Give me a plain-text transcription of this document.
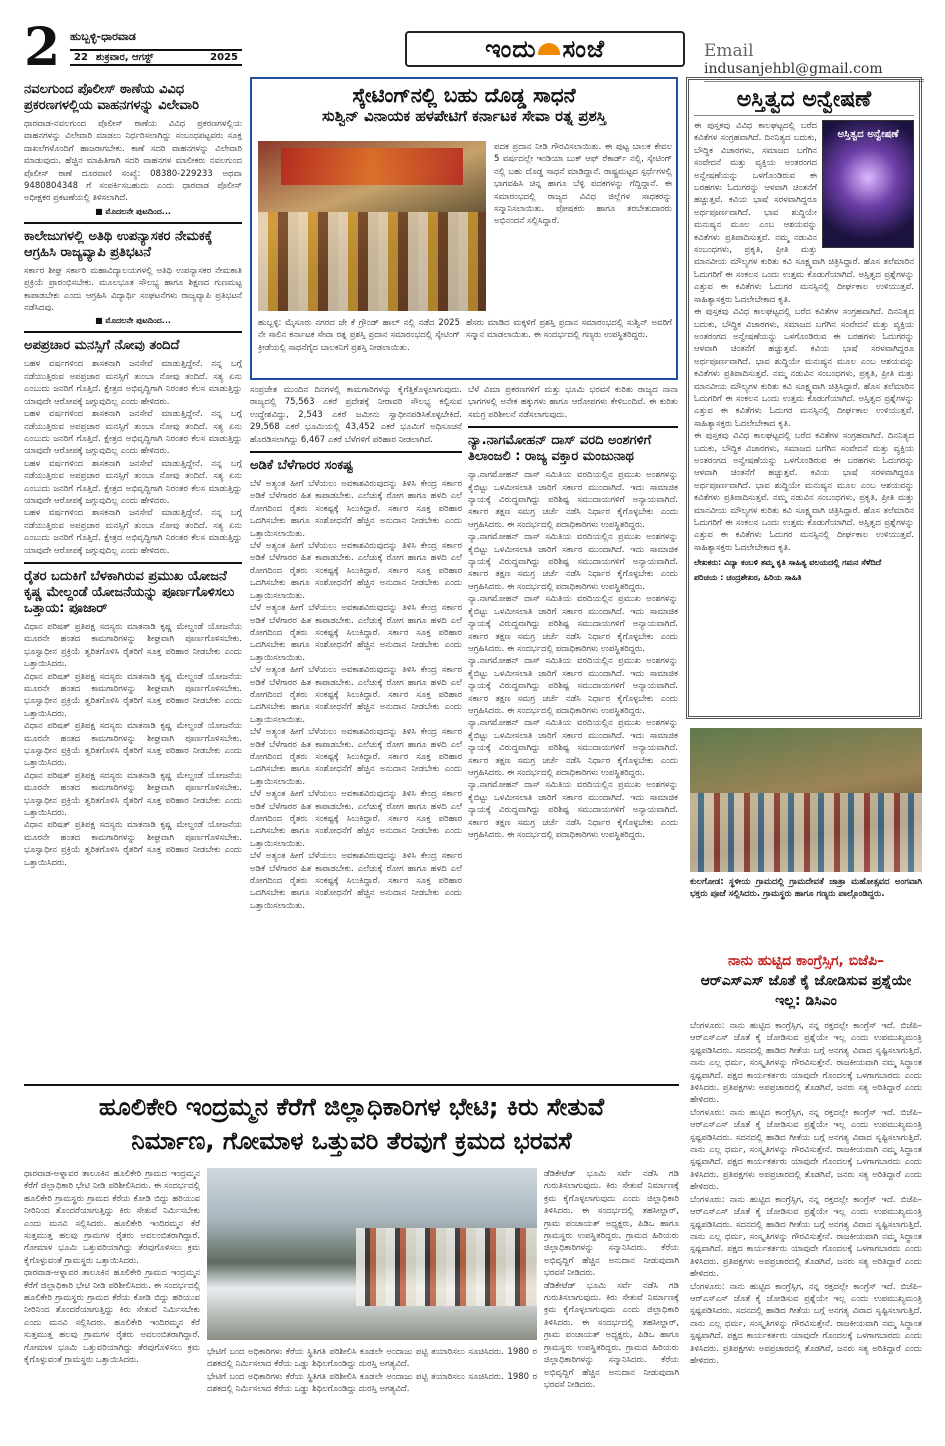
2 ಹುಬ್ಬಳ್ಳಿ-ಧಾರವಾಡ
22 ಶುಕ್ರವಾರ, ಆಗಸ್ಟ್	2025	ಇಂದು ಸಂಜೆ	Email indusanjehbl@gmail.com
ನವಲಗುಂದ ಪೊಲೀಸ್ ಠಾಣೆಯ ವಿವಿಧ ಪ್ರಕರಣಗಳಲ್ಲಿಯ ವಾಹನಗಳನ್ನು ವಿಲೇವಾರಿ
ಧಾರವಾಡ-ನವಲಗುಂದ ಪೊಲೀಸ್ ಠಾಣೆಯ ವಿವಿಧ ಪ್ರಕರಣಗಳಲ್ಲಿಯ ವಾಹನಗಳನ್ನು ವಿಲೇವಾರಿ ಮಾಡಲು ನಿರ್ಧರಿಸಲಾಗಿದ್ದು ಸಂಬಂಧಪಟ್ಟವರು ಸೂಕ್ತ ದಾಖಲೆಗಳೊಂದಿಗೆ ಹಾಜರಾಗಬೇಕು. ಕಾಣೆ ಸದರಿ ವಾಹನಗಳನ್ನು ವಿಲೇವಾರಿ ಮಾಡುವುದು. ಹೆಚ್ಚಿನ ಮಾಹಿತಿಗಾಗಿ ಸದರಿ ವಾಹನಗಳ ಮಾಲೀಕರು ನವಲಗುಂದ ಪೊಲೀಸ್ ಠಾಣೆ ದೂರವಾಣಿ ಸಂಖ್ಯೆ: 08380-229233 ಅಥವಾ 9480804348 ಗೆ ಸಂಪರ್ಕಿಸಬಹುದು ಎಂದು ಧಾರವಾಡ ಪೊಲೀಸ್ ಅಧೀಕ್ಷಕರ ಪ್ರಕಟಣೆಯಲ್ಲಿ ತಿಳಿಸಲಾಗಿದೆ.
■ ಮೊದಲನೇ ಪುಟದಿಂದ...
ಕಾಲೇಜುಗಳಲ್ಲಿ ಅತಿಥಿ ಉಪನ್ಯಾಸಕರ ನೇಮಕಕ್ಕೆ ಆಗ್ರಹಿಸಿ ರಾಜ್ಯವ್ಯಾಪಿ ಪ್ರತಿಭಟನೆ
ಸರ್ಕಾರ ಶೀಘ್ರ ಸರ್ಕಾರಿ ಮಹಾವಿದ್ಯಾಲಯಗಳಲ್ಲಿ ಅತಿಥಿ ಉಪನ್ಯಾಸಕರ ನೇಮಕಾತಿ ಪ್ರಕ್ರಿಯೆ ಪ್ರಾರಂಭಿಸಬೇಕು. ಮೂಲಭೂತ ಸೌಲಭ್ಯ ಹಾಗೂ ಶಿಕ್ಷಣದ ಗುಣಮಟ್ಟ ಕಾಪಾಡಬೇಕು ಎಂದು ಆಗ್ರಹಿಸಿ ವಿದ್ಯಾರ್ಥಿ ಸಂಘಟನೆಗಳು ರಾಜ್ಯವ್ಯಾಪಿ ಪ್ರತಿಭಟನೆ ನಡೆಸಿದವು.
■ ಮೊದಲನೇ ಪುಟದಿಂದ...
ಅಪಪ್ರಚಾರ ಮನಸ್ಸಿಗೆ ನೋವು ತಂದಿದೆ
ಬಹಳ ವರ್ಷಗಳಿಂದ ಶಾಸಕನಾಗಿ ಜನಸೇವೆ ಮಾಡುತ್ತಿದ್ದೇನೆ. ನನ್ನ ಬಗ್ಗೆ ನಡೆಯುತ್ತಿರುವ ಅಪಪ್ರಚಾರ ಮನಸ್ಸಿಗೆ ತುಂಬಾ ನೋವು ತಂದಿದೆ. ಸತ್ಯ ಏನು ಎಂಬುದು ಜನರಿಗೆ ಗೊತ್ತಿದೆ. ಕ್ಷೇತ್ರದ ಅಭಿವೃದ್ಧಿಗಾಗಿ ನಿರಂತರ ಕೆಲಸ ಮಾಡುತ್ತಿದ್ದು ಯಾವುದೇ ಆರೋಪಕ್ಕೆ ಜಗ್ಗುವುದಿಲ್ಲ ಎಂದು ಹೇಳಿದರು.
ಬಹಳ ವರ್ಷಗಳಿಂದ ಶಾಸಕನಾಗಿ ಜನಸೇವೆ ಮಾಡುತ್ತಿದ್ದೇನೆ. ನನ್ನ ಬಗ್ಗೆ ನಡೆಯುತ್ತಿರುವ ಅಪಪ್ರಚಾರ ಮನಸ್ಸಿಗೆ ತುಂಬಾ ನೋವು ತಂದಿದೆ. ಸತ್ಯ ಏನು ಎಂಬುದು ಜನರಿಗೆ ಗೊತ್ತಿದೆ. ಕ್ಷೇತ್ರದ ಅಭಿವೃದ್ಧಿಗಾಗಿ ನಿರಂತರ ಕೆಲಸ ಮಾಡುತ್ತಿದ್ದು ಯಾವುದೇ ಆರೋಪಕ್ಕೆ ಜಗ್ಗುವುದಿಲ್ಲ ಎಂದು ಹೇಳಿದರು.
ಬಹಳ ವರ್ಷಗಳಿಂದ ಶಾಸಕನಾಗಿ ಜನಸೇವೆ ಮಾಡುತ್ತಿದ್ದೇನೆ. ನನ್ನ ಬಗ್ಗೆ ನಡೆಯುತ್ತಿರುವ ಅಪಪ್ರಚಾರ ಮನಸ್ಸಿಗೆ ತುಂಬಾ ನೋವು ತಂದಿದೆ. ಸತ್ಯ ಏನು ಎಂಬುದು ಜನರಿಗೆ ಗೊತ್ತಿದೆ. ಕ್ಷೇತ್ರದ ಅಭಿವೃದ್ಧಿಗಾಗಿ ನಿರಂತರ ಕೆಲಸ ಮಾಡುತ್ತಿದ್ದು ಯಾವುದೇ ಆರೋಪಕ್ಕೆ ಜಗ್ಗುವುದಿಲ್ಲ ಎಂದು ಹೇಳಿದರು.
ಬಹಳ ವರ್ಷಗಳಿಂದ ಶಾಸಕನಾಗಿ ಜನಸೇವೆ ಮಾಡುತ್ತಿದ್ದೇನೆ. ನನ್ನ ಬಗ್ಗೆ ನಡೆಯುತ್ತಿರುವ ಅಪಪ್ರಚಾರ ಮನಸ್ಸಿಗೆ ತುಂಬಾ ನೋವು ತಂದಿದೆ. ಸತ್ಯ ಏನು ಎಂಬುದು ಜನರಿಗೆ ಗೊತ್ತಿದೆ. ಕ್ಷೇತ್ರದ ಅಭಿವೃದ್ಧಿಗಾಗಿ ನಿರಂತರ ಕೆಲಸ ಮಾಡುತ್ತಿದ್ದು ಯಾವುದೇ ಆರೋಪಕ್ಕೆ ಜಗ್ಗುವುದಿಲ್ಲ ಎಂದು ಹೇಳಿದರು.
ರೈತರ ಬದುಕಿಗೆ ಬೆಳಕಾಗಿರುವ ಪ್ರಮುಖ ಯೋಜನೆ ಕೃಷ್ಣ ಮೇಲ್ದಂಡೆ ಯೋಜನೆಯನ್ನು ಪೂರ್ಣಗೊಳಿಸಲು ಒತ್ತಾಯ: ಪೂಜಾರ್
ವಿಧಾನ ಪರಿಷತ್ ಪ್ರತಿಪಕ್ಷ ಸದಸ್ಯರು ಮಾತನಾಡಿ ಕೃಷ್ಣ ಮೇಲ್ದಂಡೆ ಯೋಜನೆಯ ಮೂರನೇ ಹಂತದ ಕಾಮಗಾರಿಗಳನ್ನು ಶೀಘ್ರವಾಗಿ ಪೂರ್ಣಗೊಳಿಸಬೇಕು. ಭೂಸ್ವಾಧೀನ ಪ್ರಕ್ರಿಯೆ ತ್ವರಿತಗೊಳಿಸಿ ರೈತರಿಗೆ ಸೂಕ್ತ ಪರಿಹಾರ ನೀಡಬೇಕು ಎಂದು ಒತ್ತಾಯಿಸಿದರು.
ವಿಧಾನ ಪರಿಷತ್ ಪ್ರತಿಪಕ್ಷ ಸದಸ್ಯರು ಮಾತನಾಡಿ ಕೃಷ್ಣ ಮೇಲ್ದಂಡೆ ಯೋಜನೆಯ ಮೂರನೇ ಹಂತದ ಕಾಮಗಾರಿಗಳನ್ನು ಶೀಘ್ರವಾಗಿ ಪೂರ್ಣಗೊಳಿಸಬೇಕು. ಭೂಸ್ವಾಧೀನ ಪ್ರಕ್ರಿಯೆ ತ್ವರಿತಗೊಳಿಸಿ ರೈತರಿಗೆ ಸೂಕ್ತ ಪರಿಹಾರ ನೀಡಬೇಕು ಎಂದು ಒತ್ತಾಯಿಸಿದರು.
ವಿಧಾನ ಪರಿಷತ್ ಪ್ರತಿಪಕ್ಷ ಸದಸ್ಯರು ಮಾತನಾಡಿ ಕೃಷ್ಣ ಮೇಲ್ದಂಡೆ ಯೋಜನೆಯ ಮೂರನೇ ಹಂತದ ಕಾಮಗಾರಿಗಳನ್ನು ಶೀಘ್ರವಾಗಿ ಪೂರ್ಣಗೊಳಿಸಬೇಕು. ಭೂಸ್ವಾಧೀನ ಪ್ರಕ್ರಿಯೆ ತ್ವರಿತಗೊಳಿಸಿ ರೈತರಿಗೆ ಸೂಕ್ತ ಪರಿಹಾರ ನೀಡಬೇಕು ಎಂದು ಒತ್ತಾಯಿಸಿದರು.
ವಿಧಾನ ಪರಿಷತ್ ಪ್ರತಿಪಕ್ಷ ಸದಸ್ಯರು ಮಾತನಾಡಿ ಕೃಷ್ಣ ಮೇಲ್ದಂಡೆ ಯೋಜನೆಯ ಮೂರನೇ ಹಂತದ ಕಾಮಗಾರಿಗಳನ್ನು ಶೀಘ್ರವಾಗಿ ಪೂರ್ಣಗೊಳಿಸಬೇಕು. ಭೂಸ್ವಾಧೀನ ಪ್ರಕ್ರಿಯೆ ತ್ವರಿತಗೊಳಿಸಿ ರೈತರಿಗೆ ಸೂಕ್ತ ಪರಿಹಾರ ನೀಡಬೇಕು ಎಂದು ಒತ್ತಾಯಿಸಿದರು.
ವಿಧಾನ ಪರಿಷತ್ ಪ್ರತಿಪಕ್ಷ ಸದಸ್ಯರು ಮಾತನಾಡಿ ಕೃಷ್ಣ ಮೇಲ್ದಂಡೆ ಯೋಜನೆಯ ಮೂರನೇ ಹಂತದ ಕಾಮಗಾರಿಗಳನ್ನು ಶೀಘ್ರವಾಗಿ ಪೂರ್ಣಗೊಳಿಸಬೇಕು. ಭೂಸ್ವಾಧೀನ ಪ್ರಕ್ರಿಯೆ ತ್ವರಿತಗೊಳಿಸಿ ರೈತರಿಗೆ ಸೂಕ್ತ ಪರಿಹಾರ ನೀಡಬೇಕು ಎಂದು ಒತ್ತಾಯಿಸಿದರು.
ಸ್ಕೇಟಿಂಗ್‌ನಲ್ಲಿ ಬಹು ದೊಡ್ಡ ಸಾಧನೆ
ಸುಶ್ವಿನ್ ವಿನಾಯಕ ಹಳಪೇಟಿಗೆ ಕರ್ನಾಟಕ ಸೇವಾ ರತ್ನ ಪ್ರಶಸ್ತಿ
ಪದಕ ಪ್ರದಾನ ನೀಡಿ ಗೌರವಿಸಲಾಯಿತು. ಈ ಪುಟ್ಟ ಬಾಲಕ ಕೇವಲ 5 ವರ್ಷದಲ್ಲೇ ಇಂಡಿಯಾ ಬುಕ್ ಆಫ್ ರೆಕಾರ್ಡ್ ನಲ್ಲಿ, ಸ್ಕೇಟಿಂಗ್ ನಲ್ಲಿ ಬಹು ದೊಡ್ಡ ಸಾಧನೆ ಮಾಡಿದ್ದಾನೆ. ರಾಷ್ಟ್ರಮಟ್ಟದ ಸ್ಪರ್ಧೆಗಳಲ್ಲಿ ಭಾಗವಹಿಸಿ ಚಿನ್ನ ಹಾಗೂ ಬೆಳ್ಳಿ ಪದಕಗಳನ್ನು ಗೆದ್ದಿದ್ದಾನೆ. ಈ ಸಮಾರಂಭದಲ್ಲಿ ರಾಜ್ಯದ ವಿವಿಧ ಜಿಲ್ಲೆಗಳ ಸಾಧಕರನ್ನು ಸನ್ಮಾನಿಸಲಾಯಿತು. ಪೋಷಕರು ಹಾಗೂ ತರಬೇತುದಾರರು ಅಭಿನಂದನೆ ಸಲ್ಲಿಸಿದ್ದಾರೆ.
ಹುಬ್ಬಳ್ಳಿ: ಮೈಸೂರು ನಗರದ ಜೇ ಕೆ ಗ್ರೌಂಡ್ ಹಾಲ್ ನಲ್ಲಿ ನಡೆದ 2025 ನೇ ಸಾಲಿನ ಕರ್ನಾಟಕ ಸೇವಾ ರತ್ನ ಪ್ರಶಸ್ತಿ ಪ್ರದಾನ ಸಮಾರಂಭದಲ್ಲಿ ಸ್ಕೇಟಿಂಗ್ ಕ್ರೀಡೆಯಲ್ಲಿ ಸಾಧನೆಗೈದ ಬಾಲಕನಿಗೆ ಪ್ರಶಸ್ತಿ ನೀಡಲಾಯಿತು.
ಹೆಸರು ಮಾಡಿದ ಮಕ್ಕಳಿಗೆ ಪ್ರಶಸ್ತಿ ಪ್ರದಾನ ಸಮಾರಂಭದಲ್ಲಿ ಸುಶ್ವಿನ್ ಅವರಿಗೆ ಸನ್ಮಾನ ಮಾಡಲಾಯಿತು. ಈ ಸಂದರ್ಭದಲ್ಲಿ ಗಣ್ಯರು ಉಪಸ್ಥಿತರಿದ್ದರು.
ಸಂಪ್ರಜೇತ ಮುಂದಿನ ದಿನಗಳಲ್ಲಿ ಕಾಮಗಾರಿಗಳನ್ನು ಕೈಗೆತ್ತಿಕೊಳ್ಳಲಾಗುವುದು. ರಾಜ್ಯದಲ್ಲಿ 75,563 ಎಕರೆ ಪ್ರದೇಶಕ್ಕೆ ನೀರಾವರಿ ಸೌಲಭ್ಯ ಕಲ್ಪಿಸುವ ಉದ್ದೇಶವಿದ್ದು, 2,543 ಎಕರೆ ಜಮೀನು ಸ್ವಾಧೀನಪಡಿಸಿಕೊಳ್ಳಬೇಕಿದೆ. 29,568 ಎಕರೆ ಭೂಮಿಯಲ್ಲಿ 43,452 ಎಕರೆ ಭೂಮಿಗೆ ಅಧಿಸೂಚನೆ ಹೊರಡಿಸಲಾಗಿದ್ದು 6,467 ಎಕರೆ ಬೆಳೆಗಳಿಗೆ ಪರಿಹಾರ ನೀಡಲಾಗಿದೆ.
ಅಡಿಕೆ ಬೆಳೆಗಾರರ ಸಂಕಷ್ಟ
ಬೆಳೆ ಅತ್ಯಂತ ಹೀಗೆ ಬೆಳೆಯಲು ಅವಕಾಶವಿರುವುದನ್ನು ತಿಳಿಸಿ ಕೇಂದ್ರ ಸರ್ಕಾರ ಅಡಿಕೆ ಬೆಳೆಗಾರರ ಹಿತ ಕಾಪಾಡಬೇಕು. ಎಲೆಚುಕ್ಕೆ ರೋಗ ಹಾಗೂ ಹಳದಿ ಎಲೆ ರೋಗದಿಂದ ರೈತರು ಸಂಕಷ್ಟಕ್ಕೆ ಸಿಲುಕಿದ್ದಾರೆ. ಸರ್ಕಾರ ಸೂಕ್ತ ಪರಿಹಾರ ಒದಗಿಸಬೇಕು ಹಾಗೂ ಸಂಶೋಧನೆಗೆ ಹೆಚ್ಚಿನ ಅನುದಾನ ನೀಡಬೇಕು ಎಂದು ಒತ್ತಾಯಿಸಲಾಯಿತು.
ಬೆಳೆ ಅತ್ಯಂತ ಹೀಗೆ ಬೆಳೆಯಲು ಅವಕಾಶವಿರುವುದನ್ನು ತಿಳಿಸಿ ಕೇಂದ್ರ ಸರ್ಕಾರ ಅಡಿಕೆ ಬೆಳೆಗಾರರ ಹಿತ ಕಾಪಾಡಬೇಕು. ಎಲೆಚುಕ್ಕೆ ರೋಗ ಹಾಗೂ ಹಳದಿ ಎಲೆ ರೋಗದಿಂದ ರೈತರು ಸಂಕಷ್ಟಕ್ಕೆ ಸಿಲುಕಿದ್ದಾರೆ. ಸರ್ಕಾರ ಸೂಕ್ತ ಪರಿಹಾರ ಒದಗಿಸಬೇಕು ಹಾಗೂ ಸಂಶೋಧನೆಗೆ ಹೆಚ್ಚಿನ ಅನುದಾನ ನೀಡಬೇಕು ಎಂದು ಒತ್ತಾಯಿಸಲಾಯಿತು.
ಬೆಳೆ ಅತ್ಯಂತ ಹೀಗೆ ಬೆಳೆಯಲು ಅವಕಾಶವಿರುವುದನ್ನು ತಿಳಿಸಿ ಕೇಂದ್ರ ಸರ್ಕಾರ ಅಡಿಕೆ ಬೆಳೆಗಾರರ ಹಿತ ಕಾಪಾಡಬೇಕು. ಎಲೆಚುಕ್ಕೆ ರೋಗ ಹಾಗೂ ಹಳದಿ ಎಲೆ ರೋಗದಿಂದ ರೈತರು ಸಂಕಷ್ಟಕ್ಕೆ ಸಿಲುಕಿದ್ದಾರೆ. ಸರ್ಕಾರ ಸೂಕ್ತ ಪರಿಹಾರ ಒದಗಿಸಬೇಕು ಹಾಗೂ ಸಂಶೋಧನೆಗೆ ಹೆಚ್ಚಿನ ಅನುದಾನ ನೀಡಬೇಕು ಎಂದು ಒತ್ತಾಯಿಸಲಾಯಿತು.
ಬೆಳೆ ಅತ್ಯಂತ ಹೀಗೆ ಬೆಳೆಯಲು ಅವಕಾಶವಿರುವುದನ್ನು ತಿಳಿಸಿ ಕೇಂದ್ರ ಸರ್ಕಾರ ಅಡಿಕೆ ಬೆಳೆಗಾರರ ಹಿತ ಕಾಪಾಡಬೇಕು. ಎಲೆಚುಕ್ಕೆ ರೋಗ ಹಾಗೂ ಹಳದಿ ಎಲೆ ರೋಗದಿಂದ ರೈತರು ಸಂಕಷ್ಟಕ್ಕೆ ಸಿಲುಕಿದ್ದಾರೆ. ಸರ್ಕಾರ ಸೂಕ್ತ ಪರಿಹಾರ ಒದಗಿಸಬೇಕು ಹಾಗೂ ಸಂಶೋಧನೆಗೆ ಹೆಚ್ಚಿನ ಅನುದಾನ ನೀಡಬೇಕು ಎಂದು ಒತ್ತಾಯಿಸಲಾಯಿತು.
ಬೆಳೆ ಅತ್ಯಂತ ಹೀಗೆ ಬೆಳೆಯಲು ಅವಕಾಶವಿರುವುದನ್ನು ತಿಳಿಸಿ ಕೇಂದ್ರ ಸರ್ಕಾರ ಅಡಿಕೆ ಬೆಳೆಗಾರರ ಹಿತ ಕಾಪಾಡಬೇಕು. ಎಲೆಚುಕ್ಕೆ ರೋಗ ಹಾಗೂ ಹಳದಿ ಎಲೆ ರೋಗದಿಂದ ರೈತರು ಸಂಕಷ್ಟಕ್ಕೆ ಸಿಲುಕಿದ್ದಾರೆ. ಸರ್ಕಾರ ಸೂಕ್ತ ಪರಿಹಾರ ಒದಗಿಸಬೇಕು ಹಾಗೂ ಸಂಶೋಧನೆಗೆ ಹೆಚ್ಚಿನ ಅನುದಾನ ನೀಡಬೇಕು ಎಂದು ಒತ್ತಾಯಿಸಲಾಯಿತು.
ಬೆಳೆ ಅತ್ಯಂತ ಹೀಗೆ ಬೆಳೆಯಲು ಅವಕಾಶವಿರುವುದನ್ನು ತಿಳಿಸಿ ಕೇಂದ್ರ ಸರ್ಕಾರ ಅಡಿಕೆ ಬೆಳೆಗಾರರ ಹಿತ ಕಾಪಾಡಬೇಕು. ಎಲೆಚುಕ್ಕೆ ರೋಗ ಹಾಗೂ ಹಳದಿ ಎಲೆ ರೋಗದಿಂದ ರೈತರು ಸಂಕಷ್ಟಕ್ಕೆ ಸಿಲುಕಿದ್ದಾರೆ. ಸರ್ಕಾರ ಸೂಕ್ತ ಪರಿಹಾರ ಒದಗಿಸಬೇಕು ಹಾಗೂ ಸಂಶೋಧನೆಗೆ ಹೆಚ್ಚಿನ ಅನುದಾನ ನೀಡಬೇಕು ಎಂದು ಒತ್ತಾಯಿಸಲಾಯಿತು.
ಬೆಳೆ ಅತ್ಯಂತ ಹೀಗೆ ಬೆಳೆಯಲು ಅವಕಾಶವಿರುವುದನ್ನು ತಿಳಿಸಿ ಕೇಂದ್ರ ಸರ್ಕಾರ ಅಡಿಕೆ ಬೆಳೆಗಾರರ ಹಿತ ಕಾಪಾಡಬೇಕು. ಎಲೆಚುಕ್ಕೆ ರೋಗ ಹಾಗೂ ಹಳದಿ ಎಲೆ ರೋಗದಿಂದ ರೈತರು ಸಂಕಷ್ಟಕ್ಕೆ ಸಿಲುಕಿದ್ದಾರೆ. ಸರ್ಕಾರ ಸೂಕ್ತ ಪರಿಹಾರ ಒದಗಿಸಬೇಕು ಹಾಗೂ ಸಂಶೋಧನೆಗೆ ಹೆಚ್ಚಿನ ಅನುದಾನ ನೀಡಬೇಕು ಎಂದು ಒತ್ತಾಯಿಸಲಾಯಿತು.
ಬೆಳೆ ವಿಮಾ ಪ್ರಕರಣಗಳಿಗೆ ಮತ್ತು ಭೂಮಿ ಭರವಸೆ ಕುರಿತು ರಾಜ್ಯದ ನಾನಾ ಭಾಗಗಳಲ್ಲಿ ಅನೇಕ ಹಕ್ಕುಗಳು ಹಾಗೂ ಆರೋಪಗಳು ಕೇಳಿಬಂದಿವೆ. ಈ ಕುರಿತು ಸಮಗ್ರ ಪರಿಶೀಲನೆ ನಡೆಸಲಾಗುವುದು.
ನ್ಯಾ.ನಾಗಮೋಹನ್ ದಾಸ್ ವರದಿ ಅಂಶಗಳಿಗೆ ತಿಲಾಂಜಲಿ : ರಾಜ್ಯ ವಕ್ತಾರ ಮಂಜುನಾಥ
ನ್ಯಾ.ನಾಗಮೋಹನ್ ದಾಸ್ ಸಮಿತಿಯ ವರದಿಯಲ್ಲಿನ ಪ್ರಮುಖ ಅಂಶಗಳನ್ನು ಕೈಬಿಟ್ಟು ಒಳಮೀಸಲಾತಿ ಜಾರಿಗೆ ಸರ್ಕಾರ ಮುಂದಾಗಿದೆ. ಇದು ಸಾಮಾಜಿಕ ನ್ಯಾಯಕ್ಕೆ ವಿರುದ್ಧವಾಗಿದ್ದು ಪರಿಶಿಷ್ಟ ಸಮುದಾಯಗಳಿಗೆ ಅನ್ಯಾಯವಾಗಿದೆ. ಸರ್ಕಾರ ತಕ್ಷಣ ಸಮಗ್ರ ಚರ್ಚೆ ನಡೆಸಿ ನಿರ್ಧಾರ ಕೈಗೊಳ್ಳಬೇಕು ಎಂದು ಆಗ್ರಹಿಸಿದರು. ಈ ಸಂದರ್ಭದಲ್ಲಿ ಪದಾಧಿಕಾರಿಗಳು ಉಪಸ್ಥಿತರಿದ್ದರು.
ನ್ಯಾ.ನಾಗಮೋಹನ್ ದಾಸ್ ಸಮಿತಿಯ ವರದಿಯಲ್ಲಿನ ಪ್ರಮುಖ ಅಂಶಗಳನ್ನು ಕೈಬಿಟ್ಟು ಒಳಮೀಸಲಾತಿ ಜಾರಿಗೆ ಸರ್ಕಾರ ಮುಂದಾಗಿದೆ. ಇದು ಸಾಮಾಜಿಕ ನ್ಯಾಯಕ್ಕೆ ವಿರುದ್ಧವಾಗಿದ್ದು ಪರಿಶಿಷ್ಟ ಸಮುದಾಯಗಳಿಗೆ ಅನ್ಯಾಯವಾಗಿದೆ. ಸರ್ಕಾರ ತಕ್ಷಣ ಸಮಗ್ರ ಚರ್ಚೆ ನಡೆಸಿ ನಿರ್ಧಾರ ಕೈಗೊಳ್ಳಬೇಕು ಎಂದು ಆಗ್ರಹಿಸಿದರು. ಈ ಸಂದರ್ಭದಲ್ಲಿ ಪದಾಧಿಕಾರಿಗಳು ಉಪಸ್ಥಿತರಿದ್ದರು.
ನ್ಯಾ.ನಾಗಮೋಹನ್ ದಾಸ್ ಸಮಿತಿಯ ವರದಿಯಲ್ಲಿನ ಪ್ರಮುಖ ಅಂಶಗಳನ್ನು ಕೈಬಿಟ್ಟು ಒಳಮೀಸಲಾತಿ ಜಾರಿಗೆ ಸರ್ಕಾರ ಮುಂದಾಗಿದೆ. ಇದು ಸಾಮಾಜಿಕ ನ್ಯಾಯಕ್ಕೆ ವಿರುದ್ಧವಾಗಿದ್ದು ಪರಿಶಿಷ್ಟ ಸಮುದಾಯಗಳಿಗೆ ಅನ್ಯಾಯವಾಗಿದೆ. ಸರ್ಕಾರ ತಕ್ಷಣ ಸಮಗ್ರ ಚರ್ಚೆ ನಡೆಸಿ ನಿರ್ಧಾರ ಕೈಗೊಳ್ಳಬೇಕು ಎಂದು ಆಗ್ರಹಿಸಿದರು. ಈ ಸಂದರ್ಭದಲ್ಲಿ ಪದಾಧಿಕಾರಿಗಳು ಉಪಸ್ಥಿತರಿದ್ದರು.
ನ್ಯಾ.ನಾಗಮೋಹನ್ ದಾಸ್ ಸಮಿತಿಯ ವರದಿಯಲ್ಲಿನ ಪ್ರಮುಖ ಅಂಶಗಳನ್ನು ಕೈಬಿಟ್ಟು ಒಳಮೀಸಲಾತಿ ಜಾರಿಗೆ ಸರ್ಕಾರ ಮುಂದಾಗಿದೆ. ಇದು ಸಾಮಾಜಿಕ ನ್ಯಾಯಕ್ಕೆ ವಿರುದ್ಧವಾಗಿದ್ದು ಪರಿಶಿಷ್ಟ ಸಮುದಾಯಗಳಿಗೆ ಅನ್ಯಾಯವಾಗಿದೆ. ಸರ್ಕಾರ ತಕ್ಷಣ ಸಮಗ್ರ ಚರ್ಚೆ ನಡೆಸಿ ನಿರ್ಧಾರ ಕೈಗೊಳ್ಳಬೇಕು ಎಂದು ಆಗ್ರಹಿಸಿದರು. ಈ ಸಂದರ್ಭದಲ್ಲಿ ಪದಾಧಿಕಾರಿಗಳು ಉಪಸ್ಥಿತರಿದ್ದರು.
ನ್ಯಾ.ನಾಗಮೋಹನ್ ದಾಸ್ ಸಮಿತಿಯ ವರದಿಯಲ್ಲಿನ ಪ್ರಮುಖ ಅಂಶಗಳನ್ನು ಕೈಬಿಟ್ಟು ಒಳಮೀಸಲಾತಿ ಜಾರಿಗೆ ಸರ್ಕಾರ ಮುಂದಾಗಿದೆ. ಇದು ಸಾಮಾಜಿಕ ನ್ಯಾಯಕ್ಕೆ ವಿರುದ್ಧವಾಗಿದ್ದು ಪರಿಶಿಷ್ಟ ಸಮುದಾಯಗಳಿಗೆ ಅನ್ಯಾಯವಾಗಿದೆ. ಸರ್ಕಾರ ತಕ್ಷಣ ಸಮಗ್ರ ಚರ್ಚೆ ನಡೆಸಿ ನಿರ್ಧಾರ ಕೈಗೊಳ್ಳಬೇಕು ಎಂದು ಆಗ್ರಹಿಸಿದರು. ಈ ಸಂದರ್ಭದಲ್ಲಿ ಪದಾಧಿಕಾರಿಗಳು ಉಪಸ್ಥಿತರಿದ್ದರು.
ನ್ಯಾ.ನಾಗಮೋಹನ್ ದಾಸ್ ಸಮಿತಿಯ ವರದಿಯಲ್ಲಿನ ಪ್ರಮುಖ ಅಂಶಗಳನ್ನು ಕೈಬಿಟ್ಟು ಒಳಮೀಸಲಾತಿ ಜಾರಿಗೆ ಸರ್ಕಾರ ಮುಂದಾಗಿದೆ. ಇದು ಸಾಮಾಜಿಕ ನ್ಯಾಯಕ್ಕೆ ವಿರುದ್ಧವಾಗಿದ್ದು ಪರಿಶಿಷ್ಟ ಸಮುದಾಯಗಳಿಗೆ ಅನ್ಯಾಯವಾಗಿದೆ. ಸರ್ಕಾರ ತಕ್ಷಣ ಸಮಗ್ರ ಚರ್ಚೆ ನಡೆಸಿ ನಿರ್ಧಾರ ಕೈಗೊಳ್ಳಬೇಕು ಎಂದು ಆಗ್ರಹಿಸಿದರು. ಈ ಸಂದರ್ಭದಲ್ಲಿ ಪದಾಧಿಕಾರಿಗಳು ಉಪಸ್ಥಿತರಿದ್ದರು.
ಅಸ್ತಿತ್ವದ ಅನ್ವೇಷಣೆ
ಅಸ್ತಿತ್ವದ ಅನ್ವೇಷಣೆ
ಈ ಪುಸ್ತಕವು ವಿವಿಧ ಕಾಲಘಟ್ಟದಲ್ಲಿ ಬರೆದ ಕವಿತೆಗಳ ಸಂಗ್ರಹವಾಗಿದೆ. ದಿನನಿತ್ಯದ ಬದುಕು, ಬೌದ್ಧಿಕ ವಿಚಾರಗಳು, ಸಮಾಜದ ಬಗೆಗಿನ ಸಂವೇದನೆ ಮತ್ತು ವ್ಯಕ್ತಿಯ ಅಂತರಂಗದ ಅನ್ವೇಷಣೆಯನ್ನು ಒಳಗೊಂಡಿರುವ ಈ ಬರಹಗಳು ಓದುಗರನ್ನು ಆಳವಾಗಿ ಚಿಂತನೆಗೆ ಹಚ್ಚುತ್ತವೆ. ಕವಿಯ ಭಾಷೆ ಸರಳವಾಗಿದ್ದರೂ ಅರ್ಥಪೂರ್ಣವಾಗಿದೆ. ಭಾವ ಶುದ್ಧಿಯೇ ಮನುಷ್ಯನ ಮೂಲ ಎಂಬ ಆಶಯವನ್ನು ಕವಿತೆಗಳು ಪ್ರತಿಪಾದಿಸುತ್ತವೆ. ನಮ್ಮ ನಡುವಿನ ಸಂಬಂಧಗಳು, ಪ್ರಕೃತಿ, ಪ್ರೀತಿ ಮತ್ತು ಮಾನವೀಯ ಮೌಲ್ಯಗಳ ಕುರಿತು ಕವಿ ಸೂಕ್ಷ್ಮವಾಗಿ ಚಿತ್ರಿಸಿದ್ದಾರೆ. ಹೊಸ ತಲೆಮಾರಿನ ಓದುಗರಿಗೆ ಈ ಸಂಕಲನ ಒಂದು ಉತ್ತಮ ಕೊಡುಗೆಯಾಗಿದೆ. ಅಸ್ತಿತ್ವದ ಪ್ರಶ್ನೆಗಳನ್ನು ಎತ್ತುವ ಈ ಕವಿತೆಗಳು ಓದುಗರ ಮನಸ್ಸಿನಲ್ಲಿ ದೀರ್ಘಕಾಲ ಉಳಿಯುತ್ತವೆ. ಸಾಹಿತ್ಯಾಸಕ್ತರು ಓದಲೇಬೇಕಾದ ಕೃತಿ.
ಈ ಪುಸ್ತಕವು ವಿವಿಧ ಕಾಲಘಟ್ಟದಲ್ಲಿ ಬರೆದ ಕವಿತೆಗಳ ಸಂಗ್ರಹವಾಗಿದೆ. ದಿನನಿತ್ಯದ ಬದುಕು, ಬೌದ್ಧಿಕ ವಿಚಾರಗಳು, ಸಮಾಜದ ಬಗೆಗಿನ ಸಂವೇದನೆ ಮತ್ತು ವ್ಯಕ್ತಿಯ ಅಂತರಂಗದ ಅನ್ವೇಷಣೆಯನ್ನು ಒಳಗೊಂಡಿರುವ ಈ ಬರಹಗಳು ಓದುಗರನ್ನು ಆಳವಾಗಿ ಚಿಂತನೆಗೆ ಹಚ್ಚುತ್ತವೆ. ಕವಿಯ ಭಾಷೆ ಸರಳವಾಗಿದ್ದರೂ ಅರ್ಥಪೂರ್ಣವಾಗಿದೆ. ಭಾವ ಶುದ್ಧಿಯೇ ಮನುಷ್ಯನ ಮೂಲ ಎಂಬ ಆಶಯವನ್ನು ಕವಿತೆಗಳು ಪ್ರತಿಪಾದಿಸುತ್ತವೆ. ನಮ್ಮ ನಡುವಿನ ಸಂಬಂಧಗಳು, ಪ್ರಕೃತಿ, ಪ್ರೀತಿ ಮತ್ತು ಮಾನವೀಯ ಮೌಲ್ಯಗಳ ಕುರಿತು ಕವಿ ಸೂಕ್ಷ್ಮವಾಗಿ ಚಿತ್ರಿಸಿದ್ದಾರೆ. ಹೊಸ ತಲೆಮಾರಿನ ಓದುಗರಿಗೆ ಈ ಸಂಕಲನ ಒಂದು ಉತ್ತಮ ಕೊಡುಗೆಯಾಗಿದೆ. ಅಸ್ತಿತ್ವದ ಪ್ರಶ್ನೆಗಳನ್ನು ಎತ್ತುವ ಈ ಕವಿತೆಗಳು ಓದುಗರ ಮನಸ್ಸಿನಲ್ಲಿ ದೀರ್ಘಕಾಲ ಉಳಿಯುತ್ತವೆ. ಸಾಹಿತ್ಯಾಸಕ್ತರು ಓದಲೇಬೇಕಾದ ಕೃತಿ.
ಈ ಪುಸ್ತಕವು ವಿವಿಧ ಕಾಲಘಟ್ಟದಲ್ಲಿ ಬರೆದ ಕವಿತೆಗಳ ಸಂಗ್ರಹವಾಗಿದೆ. ದಿನನಿತ್ಯದ ಬದುಕು, ಬೌದ್ಧಿಕ ವಿಚಾರಗಳು, ಸಮಾಜದ ಬಗೆಗಿನ ಸಂವೇದನೆ ಮತ್ತು ವ್ಯಕ್ತಿಯ ಅಂತರಂಗದ ಅನ್ವೇಷಣೆಯನ್ನು ಒಳಗೊಂಡಿರುವ ಈ ಬರಹಗಳು ಓದುಗರನ್ನು ಆಳವಾಗಿ ಚಿಂತನೆಗೆ ಹಚ್ಚುತ್ತವೆ. ಕವಿಯ ಭಾಷೆ ಸರಳವಾಗಿದ್ದರೂ ಅರ್ಥಪೂರ್ಣವಾಗಿದೆ. ಭಾವ ಶುದ್ಧಿಯೇ ಮನುಷ್ಯನ ಮೂಲ ಎಂಬ ಆಶಯವನ್ನು ಕವಿತೆಗಳು ಪ್ರತಿಪಾದಿಸುತ್ತವೆ. ನಮ್ಮ ನಡುವಿನ ಸಂಬಂಧಗಳು, ಪ್ರಕೃತಿ, ಪ್ರೀತಿ ಮತ್ತು ಮಾನವೀಯ ಮೌಲ್ಯಗಳ ಕುರಿತು ಕವಿ ಸೂಕ್ಷ್ಮವಾಗಿ ಚಿತ್ರಿಸಿದ್ದಾರೆ. ಹೊಸ ತಲೆಮಾರಿನ ಓದುಗರಿಗೆ ಈ ಸಂಕಲನ ಒಂದು ಉತ್ತಮ ಕೊಡುಗೆಯಾಗಿದೆ. ಅಸ್ತಿತ್ವದ ಪ್ರಶ್ನೆಗಳನ್ನು ಎತ್ತುವ ಈ ಕವಿತೆಗಳು ಓದುಗರ ಮನಸ್ಸಿನಲ್ಲಿ ದೀರ್ಘಕಾಲ ಉಳಿಯುತ್ತವೆ. ಸಾಹಿತ್ಯಾಸಕ್ತರು ಓದಲೇಬೇಕಾದ ಕೃತಿ.
ಲೇಖಕರು: ವಿದ್ಯಾ ಕಂಬಳಿ ತಮ್ಮ ಕೃತಿ ಸಾಹಿತ್ಯ ವಲಯದಲ್ಲಿ ಗಮನ ಸೆಳೆದಿದೆ
ಪರಿಚಯ : ಚಂದ್ರಶೇಖರ, ಹಿರಿಯ ಸಾಹಿತಿ
ಕುಲಗೋಡ: ಸ್ಥಳೀಯ ಗ್ರಾಮದಲ್ಲಿ ಗ್ರಾಮದೇವತೆ ಜಾತ್ರಾ ಮಹೋತ್ಸವದ ಅಂಗವಾಗಿ ಭಕ್ತರು ಪೂಜೆ ಸಲ್ಲಿಸಿದರು. ಗ್ರಾಮಸ್ಥರು ಹಾಗೂ ಗಣ್ಯರು ಪಾಲ್ಗೊಂಡಿದ್ದರು.
ನಾನು ಹುಟ್ಟಿದ ಕಾಂಗ್ರೆಸ್ಸಿಗ, ಬಿಜೆಪಿ–
ಆರ್‌ಎಸ್‌ಎಸ್ ಜೊತೆ ಕೈ ಜೋಡಿಸುವ ಪ್ರಶ್ನೆಯೇ ಇಲ್ಲ: ಡಿಸಿಎಂ
ಬೆಂಗಳೂರು: ನಾನು ಹುಟ್ಟಿದ ಕಾಂಗ್ರೆಸ್ಸಿಗ, ನನ್ನ ರಕ್ತದಲ್ಲೇ ಕಾಂಗ್ರೆಸ್ ಇದೆ. ಬಿಜೆಪಿ–ಆರ್‌ಎಸ್‌ಎಸ್ ಜೊತೆ ಕೈ ಜೋಡಿಸುವ ಪ್ರಶ್ನೆಯೇ ಇಲ್ಲ ಎಂದು ಉಪಮುಖ್ಯಮಂತ್ರಿ ಸ್ಪಷ್ಟಪಡಿಸಿದರು. ಸದನದಲ್ಲಿ ಹಾಡಿದ ಗೀತೆಯ ಬಗ್ಗೆ ಅನಗತ್ಯ ವಿವಾದ ಸೃಷ್ಟಿಸಲಾಗುತ್ತಿದೆ. ನಾನು ಎಲ್ಲ ಧರ್ಮ, ಸಂಸ್ಕೃತಿಗಳನ್ನು ಗೌರವಿಸುತ್ತೇನೆ. ರಾಜಕೀಯವಾಗಿ ನಮ್ಮ ಸಿದ್ಧಾಂತ ಸ್ಪಷ್ಟವಾಗಿದೆ. ಪಕ್ಷದ ಕಾರ್ಯಕರ್ತರು ಯಾವುದೇ ಗೊಂದಲಕ್ಕೆ ಒಳಗಾಗಬಾರದು ಎಂದು ತಿಳಿಸಿದರು. ಪ್ರತಿಪಕ್ಷಗಳು ಅಪಪ್ರಚಾರದಲ್ಲಿ ತೊಡಗಿವೆ, ಜನರು ಸತ್ಯ ಅರಿತಿದ್ದಾರೆ ಎಂದು ಹೇಳಿದರು.
ಬೆಂಗಳೂರು: ನಾನು ಹುಟ್ಟಿದ ಕಾಂಗ್ರೆಸ್ಸಿಗ, ನನ್ನ ರಕ್ತದಲ್ಲೇ ಕಾಂಗ್ರೆಸ್ ಇದೆ. ಬಿಜೆಪಿ–ಆರ್‌ಎಸ್‌ಎಸ್ ಜೊತೆ ಕೈ ಜೋಡಿಸುವ ಪ್ರಶ್ನೆಯೇ ಇಲ್ಲ ಎಂದು ಉಪಮುಖ್ಯಮಂತ್ರಿ ಸ್ಪಷ್ಟಪಡಿಸಿದರು. ಸದನದಲ್ಲಿ ಹಾಡಿದ ಗೀತೆಯ ಬಗ್ಗೆ ಅನಗತ್ಯ ವಿವಾದ ಸೃಷ್ಟಿಸಲಾಗುತ್ತಿದೆ. ನಾನು ಎಲ್ಲ ಧರ್ಮ, ಸಂಸ್ಕೃತಿಗಳನ್ನು ಗೌರವಿಸುತ್ತೇನೆ. ರಾಜಕೀಯವಾಗಿ ನಮ್ಮ ಸಿದ್ಧಾಂತ ಸ್ಪಷ್ಟವಾಗಿದೆ. ಪಕ್ಷದ ಕಾರ್ಯಕರ್ತರು ಯಾವುದೇ ಗೊಂದಲಕ್ಕೆ ಒಳಗಾಗಬಾರದು ಎಂದು ತಿಳಿಸಿದರು. ಪ್ರತಿಪಕ್ಷಗಳು ಅಪಪ್ರಚಾರದಲ್ಲಿ ತೊಡಗಿವೆ, ಜನರು ಸತ್ಯ ಅರಿತಿದ್ದಾರೆ ಎಂದು ಹೇಳಿದರು.
ಬೆಂಗಳೂರು: ನಾನು ಹುಟ್ಟಿದ ಕಾಂಗ್ರೆಸ್ಸಿಗ, ನನ್ನ ರಕ್ತದಲ್ಲೇ ಕಾಂಗ್ರೆಸ್ ಇದೆ. ಬಿಜೆಪಿ–ಆರ್‌ಎಸ್‌ಎಸ್ ಜೊತೆ ಕೈ ಜೋಡಿಸುವ ಪ್ರಶ್ನೆಯೇ ಇಲ್ಲ ಎಂದು ಉಪಮುಖ್ಯಮಂತ್ರಿ ಸ್ಪಷ್ಟಪಡಿಸಿದರು. ಸದನದಲ್ಲಿ ಹಾಡಿದ ಗೀತೆಯ ಬಗ್ಗೆ ಅನಗತ್ಯ ವಿವಾದ ಸೃಷ್ಟಿಸಲಾಗುತ್ತಿದೆ. ನಾನು ಎಲ್ಲ ಧರ್ಮ, ಸಂಸ್ಕೃತಿಗಳನ್ನು ಗೌರವಿಸುತ್ತೇನೆ. ರಾಜಕೀಯವಾಗಿ ನಮ್ಮ ಸಿದ್ಧಾಂತ ಸ್ಪಷ್ಟವಾಗಿದೆ. ಪಕ್ಷದ ಕಾರ್ಯಕರ್ತರು ಯಾವುದೇ ಗೊಂದಲಕ್ಕೆ ಒಳಗಾಗಬಾರದು ಎಂದು ತಿಳಿಸಿದರು. ಪ್ರತಿಪಕ್ಷಗಳು ಅಪಪ್ರಚಾರದಲ್ಲಿ ತೊಡಗಿವೆ, ಜನರು ಸತ್ಯ ಅರಿತಿದ್ದಾರೆ ಎಂದು ಹೇಳಿದರು.
ಬೆಂಗಳೂರು: ನಾನು ಹುಟ್ಟಿದ ಕಾಂಗ್ರೆಸ್ಸಿಗ, ನನ್ನ ರಕ್ತದಲ್ಲೇ ಕಾಂಗ್ರೆಸ್ ಇದೆ. ಬಿಜೆಪಿ–ಆರ್‌ಎಸ್‌ಎಸ್ ಜೊತೆ ಕೈ ಜೋಡಿಸುವ ಪ್ರಶ್ನೆಯೇ ಇಲ್ಲ ಎಂದು ಉಪಮುಖ್ಯಮಂತ್ರಿ ಸ್ಪಷ್ಟಪಡಿಸಿದರು. ಸದನದಲ್ಲಿ ಹಾಡಿದ ಗೀತೆಯ ಬಗ್ಗೆ ಅನಗತ್ಯ ವಿವಾದ ಸೃಷ್ಟಿಸಲಾಗುತ್ತಿದೆ. ನಾನು ಎಲ್ಲ ಧರ್ಮ, ಸಂಸ್ಕೃತಿಗಳನ್ನು ಗೌರವಿಸುತ್ತೇನೆ. ರಾಜಕೀಯವಾಗಿ ನಮ್ಮ ಸಿದ್ಧಾಂತ ಸ್ಪಷ್ಟವಾಗಿದೆ. ಪಕ್ಷದ ಕಾರ್ಯಕರ್ತರು ಯಾವುದೇ ಗೊಂದಲಕ್ಕೆ ಒಳಗಾಗಬಾರದು ಎಂದು ತಿಳಿಸಿದರು. ಪ್ರತಿಪಕ್ಷಗಳು ಅಪಪ್ರಚಾರದಲ್ಲಿ ತೊಡಗಿವೆ, ಜನರು ಸತ್ಯ ಅರಿತಿದ್ದಾರೆ ಎಂದು ಹೇಳಿದರು.
ಹೂಲಿಕೇರಿ ಇಂದ್ರಮ್ಮನ ಕೆರೆಗೆ ಜಿಲ್ಲಾಧಿಕಾರಿಗಳ ಭೇಟಿ; ಕಿರು ಸೇತುವೆ
ನಿರ್ಮಾಣ, ಗೋಮಾಳ ಒತ್ತುವರಿ ತೆರವುಗೆ ಕ್ರಮದ ಭರವಸೆ
ಧಾರವಾಡ-ಅಳ್ನಾವರ ತಾಲೂಕಿನ ಹೂಲಿಕೇರಿ ಗ್ರಾಮದ ಇಂದ್ರಮ್ಮನ ಕೆರೆಗೆ ಜಿಲ್ಲಾಧಿಕಾರಿ ಭೇಟಿ ನೀಡಿ ಪರಿಶೀಲಿಸಿದರು. ಈ ಸಂದರ್ಭದಲ್ಲಿ ಹೂಲಿಕೇರಿ ಗ್ರಾಮಸ್ಥರು ಗ್ರಾಮದ ಕೆರೆಯ ಕೋಡಿ ಬಿದ್ದು ಹರಿಯುವ ನೀರಿನಿಂದ ತೊಂದರೆಯಾಗುತ್ತಿದ್ದು ಕಿರು ಸೇತುವೆ ನಿರ್ಮಿಸಬೇಕು ಎಂದು ಮನವಿ ಸಲ್ಲಿಸಿದರು. ಹೂಲಿಕೇರಿ ಇಂದಿರಮ್ಮನ ಕೆರೆ ಸುತ್ತಮುತ್ತ ಹಲವು ಗ್ರಾಮಗಳ ರೈತರು ಅವಲಂಬಿತರಾಗಿದ್ದಾರೆ. ಗೋಮಾಳ ಭೂಮಿ ಒತ್ತುವರಿಯಾಗಿದ್ದು ತೆರವುಗೊಳಿಸಲು ಕ್ರಮ ಕೈಗೊಳ್ಳುವಂತೆ ಗ್ರಾಮಸ್ಥರು ಒತ್ತಾಯಿಸಿದರು.
ಧಾರವಾಡ-ಅಳ್ನಾವರ ತಾಲೂಕಿನ ಹೂಲಿಕೇರಿ ಗ್ರಾಮದ ಇಂದ್ರಮ್ಮನ ಕೆರೆಗೆ ಜಿಲ್ಲಾಧಿಕಾರಿ ಭೇಟಿ ನೀಡಿ ಪರಿಶೀಲಿಸಿದರು. ಈ ಸಂದರ್ಭದಲ್ಲಿ ಹೂಲಿಕೇರಿ ಗ್ರಾಮಸ್ಥರು ಗ್ರಾಮದ ಕೆರೆಯ ಕೋಡಿ ಬಿದ್ದು ಹರಿಯುವ ನೀರಿನಿಂದ ತೊಂದರೆಯಾಗುತ್ತಿದ್ದು ಕಿರು ಸೇತುವೆ ನಿರ್ಮಿಸಬೇಕು ಎಂದು ಮನವಿ ಸಲ್ಲಿಸಿದರು. ಹೂಲಿಕೇರಿ ಇಂದಿರಮ್ಮನ ಕೆರೆ ಸುತ್ತಮುತ್ತ ಹಲವು ಗ್ರಾಮಗಳ ರೈತರು ಅವಲಂಬಿತರಾಗಿದ್ದಾರೆ. ಗೋಮಾಳ ಭೂಮಿ ಒತ್ತುವರಿಯಾಗಿದ್ದು ತೆರವುಗೊಳಿಸಲು ಕ್ರಮ ಕೈಗೊಳ್ಳುವಂತೆ ಗ್ರಾಮಸ್ಥರು ಒತ್ತಾಯಿಸಿದರು.
ಭೇಟಿಗೆ ಬಂದ ಅಧಿಕಾರಿಗಳು ಕೆರೆಯ ಸ್ಥಿತಿಗತಿ ಪರಿಶೀಲಿಸಿ ಕೂಡಲೇ ಅಂದಾಜು ಪಟ್ಟಿ ತಯಾರಿಸಲು ಸೂಚಿಸಿದರು. 1980 ರ ದಶಕದಲ್ಲಿ ನಿರ್ಮಿಸಲಾದ ಕೆರೆಯ ಒಡ್ಡು ಶಿಥಿಲಗೊಂಡಿದ್ದು ದುರಸ್ತಿ ಅಗತ್ಯವಿದೆ.
ಭೇಟಿಗೆ ಬಂದ ಅಧಿಕಾರಿಗಳು ಕೆರೆಯ ಸ್ಥಿತಿಗತಿ ಪರಿಶೀಲಿಸಿ ಕೂಡಲೇ ಅಂದಾಜು ಪಟ್ಟಿ ತಯಾರಿಸಲು ಸೂಚಿಸಿದರು. 1980 ರ ದಶಕದಲ್ಲಿ ನಿರ್ಮಿಸಲಾದ ಕೆರೆಯ ಒಡ್ಡು ಶಿಥಿಲಗೊಂಡಿದ್ದು ದುರಸ್ತಿ ಅಗತ್ಯವಿದೆ.
ಡೆಡಿಕೇಟೆಡ್ ಭೂಮಿ ಸರ್ವೆ ನಡೆಸಿ ಗಡಿ ಗುರುತಿಸಲಾಗುವುದು. ಕಿರು ಸೇತುವೆ ನಿರ್ಮಾಣಕ್ಕೆ ಕ್ರಮ ಕೈಗೊಳ್ಳಲಾಗುವುದು ಎಂದು ಜಿಲ್ಲಾಧಿಕಾರಿ ತಿಳಿಸಿದರು. ಈ ಸಂದರ್ಭದಲ್ಲಿ ತಹಸೀಲ್ದಾರ್, ಗ್ರಾಮ ಪಂಚಾಯತ್ ಅಧ್ಯಕ್ಷರು, ಪಿಡಿಒ ಹಾಗೂ ಗ್ರಾಮಸ್ಥರು ಉಪಸ್ಥಿತರಿದ್ದರು. ಗ್ರಾಮದ ಹಿರಿಯರು ಜಿಲ್ಲಾಧಿಕಾರಿಗಳನ್ನು ಸನ್ಮಾನಿಸಿದರು. ಕೆರೆಯ ಅಭಿವೃದ್ಧಿಗೆ ಹೆಚ್ಚಿನ ಅನುದಾನ ನೀಡುವುದಾಗಿ ಭರವಸೆ ನೀಡಿದರು.
ಡೆಡಿಕೇಟೆಡ್ ಭೂಮಿ ಸರ್ವೆ ನಡೆಸಿ ಗಡಿ ಗುರುತಿಸಲಾಗುವುದು. ಕಿರು ಸೇತುವೆ ನಿರ್ಮಾಣಕ್ಕೆ ಕ್ರಮ ಕೈಗೊಳ್ಳಲಾಗುವುದು ಎಂದು ಜಿಲ್ಲಾಧಿಕಾರಿ ತಿಳಿಸಿದರು. ಈ ಸಂದರ್ಭದಲ್ಲಿ ತಹಸೀಲ್ದಾರ್, ಗ್ರಾಮ ಪಂಚಾಯತ್ ಅಧ್ಯಕ್ಷರು, ಪಿಡಿಒ ಹಾಗೂ ಗ್ರಾಮಸ್ಥರು ಉಪಸ್ಥಿತರಿದ್ದರು. ಗ್ರಾಮದ ಹಿರಿಯರು ಜಿಲ್ಲಾಧಿಕಾರಿಗಳನ್ನು ಸನ್ಮಾನಿಸಿದರು. ಕೆರೆಯ ಅಭಿವೃದ್ಧಿಗೆ ಹೆಚ್ಚಿನ ಅನುದಾನ ನೀಡುವುದಾಗಿ ಭರವಸೆ ನೀಡಿದರು.
